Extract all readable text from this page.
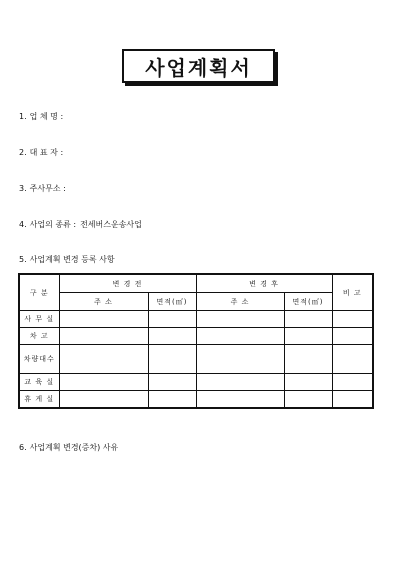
사업계획서
1. 업 체 명 :
2. 대 표 자 :
3. 주사무소 :
4. 사업의 종류 : 전세버스운송사업
5. 사업계획 변경 등록 사항
구 분	변 경 전		변 경 후		비 고
	주 소	면적(㎡)	주 소	면적(㎡)	
사 무 실					
차 고					
차량대수					
교 육 실					
휴 게 실					
6. 사업계획 변경(증차) 사유
